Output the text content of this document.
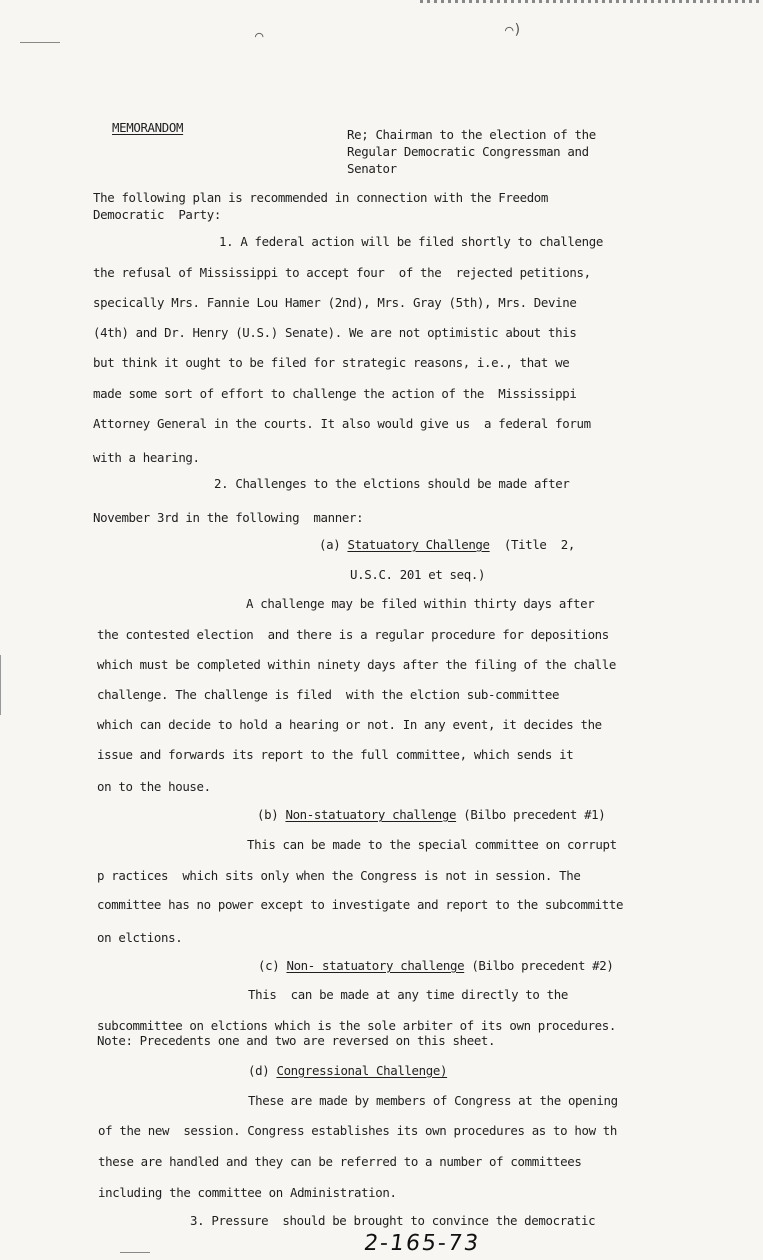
⌒	⌒)
MEMORANDOM	Re; Chairman to the election of the
Regular Democratic Congressman and
Senator
The following plan is recommended in connection with the Freedom
Democratic  Party:
1. A federal action will be filed shortly to challenge
the refusal of Mississippi to accept four  of the  rejected petitions,
specically Mrs. Fannie Lou Hamer (2nd), Mrs. Gray (5th), Mrs. Devine
(4th) and Dr. Henry (U.S.) Senate). We are not optimistic about this
but think it ought to be filed for strategic reasons, i.e., that we
made some sort of effort to challenge the action of the  Mississippi
Attorney General in the courts. It also would give us  a federal forum
with a hearing.
2. Challenges to the elctions should be made after
November 3rd in the following  manner:
(a) Statuatory Challenge  (Title  2,
U.S.C. 201 et seq.)
A challenge may be filed within thirty days after
the contested election  and there is a regular procedure for depositions
which must be completed within ninety days after the filing of the challe
challenge. The challenge is filed  with the elction sub-committee
which can decide to hold a hearing or not. In any event, it decides the
issue and forwards its report to the full committee, which sends it
on to the house.
(b) Non-statuatory challenge (Bilbo precedent #1)
This can be made to the special committee on corrupt
p ractices  which sits only when the Congress is not in session. The
committee has no power except to investigate and report to the subcommitte
on elctions.
(c) Non- statuatory challenge (Bilbo precedent #2)
This  can be made at any time directly to the
subcommittee on elctions which is the sole arbiter of its own procedures.
Note: Precedents one and two are reversed on this sheet.
(d) Congressional Challenge)
These are made by members of Congress at the opening
of the new  session. Congress establishes its own procedures as to how th
these are handled and they can be referred to a number of committees
including the committee on Administration.
3. Pressure  should be brought to convince the democratic
2-165-73
